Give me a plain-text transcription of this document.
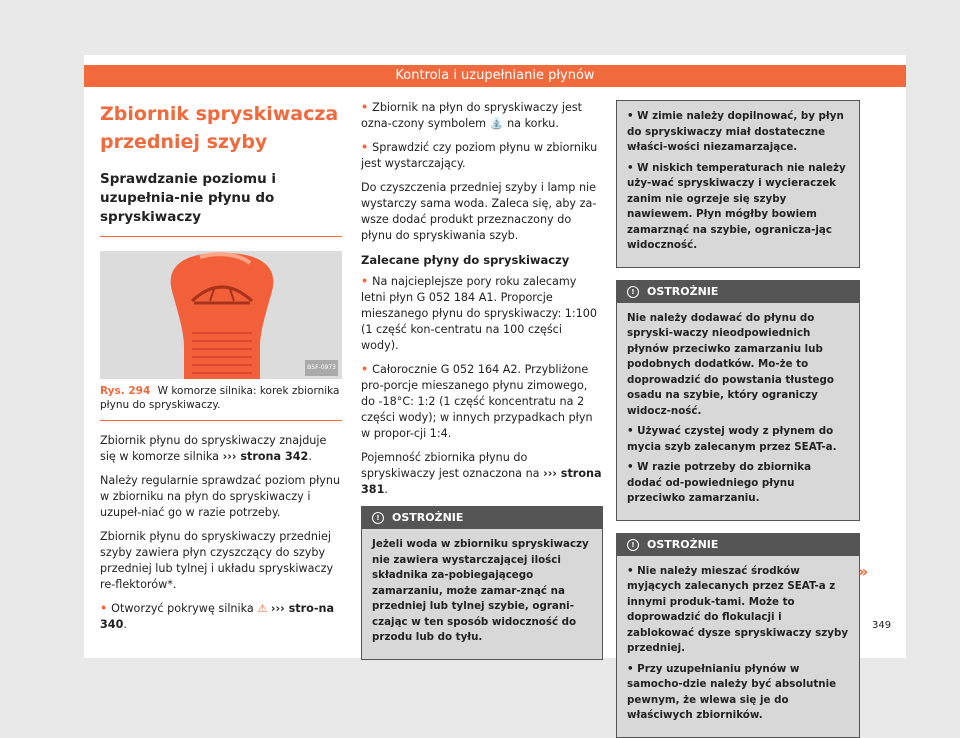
Kontrola i uzupełnianie płynów
Zbiornik spryskiwacza przedniej szyby
Sprawdzanie poziomu i uzupełnia-nie płynu do spryskiwaczy
B5F-0973
Rys. 294 W komorze silnika: korek zbiornika płynu do spryskiwaczy.

Zbiornik płynu do spryskiwaczy znajduje się w komorze silnika ››› strona 342.

Należy regularnie sprawdzać poziom płynu w zbiorniku na płyn do spryskiwaczy i uzupeł-niać go w razie potrzeby.

Zbiornik płynu do spryskiwaczy przedniej szyby zawiera płyn czyszczący do szyby przedniej lub tylnej i układu spryskiwaczy re-flektorów*.

• Otworzyć pokrywę silnika ⚠ ››› stro-na 340.

• Zbiornik na płyn do spryskiwaczy jest ozna-czony symbolem ⛲ na korku.

• Sprawdzić czy poziom płynu w zbiorniku jest wystarczający.

Do czyszczenia przedniej szyby i lamp nie wystarczy sama woda. Zaleca się, aby za-wsze dodać produkt przeznaczony do płynu do spryskiwania szyb.

Zalecane płyny do spryskiwaczy

• Na najcieplejsze pory roku zalecamy letni płyn G 052 184 A1. Proporcje mieszanego płynu do spryskiwaczy: 1:100 (1 część kon-centratu na 100 części wody).

• Całorocznie G 052 164 A2. Przybliżone pro-porcje mieszanego płynu zimowego, do -18°C: 1:2 (1 część koncentratu na 2 części wody); w innych przypadkach płyn w propor-cji 1:4.

Pojemność zbiornika płynu do spryskiwaczy jest oznaczona na ››› strona 381.

! OSTROŻNIE

Jeżeli woda w zbiorniku spryskiwaczy nie zawiera wystarczającej ilości składnika za-pobiegającego zamarzaniu, może zamar-znąć na przedniej lub tylnej szybie, ograni-czając w ten sposób widoczność do przodu lub do tyłu.

• W zimie należy dopilnować, by płyn do spryskiwaczy miał dostateczne właści-wości niezamarzające.

• W niskich temperaturach nie należy uży-wać spryskiwaczy i wycieraczek zanim nie ogrzeje się szyby nawiewem. Płyn mógłby bowiem zamarznąć na szybie, ogranicza-jąc widoczność.

! OSTROŻNIE

Nie należy dodawać do płynu do spryski-waczy nieodpowiednich płynów przeciwko zamarzaniu lub podobnych dodatków. Mo-że to doprowadzić do powstania tłustego osadu na szybie, który ograniczy widocz-ność.

• Używać czystej wody z płynem do mycia szyb zalecanym przez SEAT-a.

• W razie potrzeby do zbiornika dodać od-powiedniego płynu przeciwko zamarzaniu.

! OSTROŻNIE

• Nie należy mieszać środków myjących zalecanych przez SEAT-a z innymi produk-tami. Może to doprowadzić do flokulacji i zablokować dysze spryskiwaczy szyby przedniej.

• Przy uzupełnianiu płynów w samocho-dzie należy być absolutnie pewnym, że wlewa się je do właściwych zbiorników.

»
349
